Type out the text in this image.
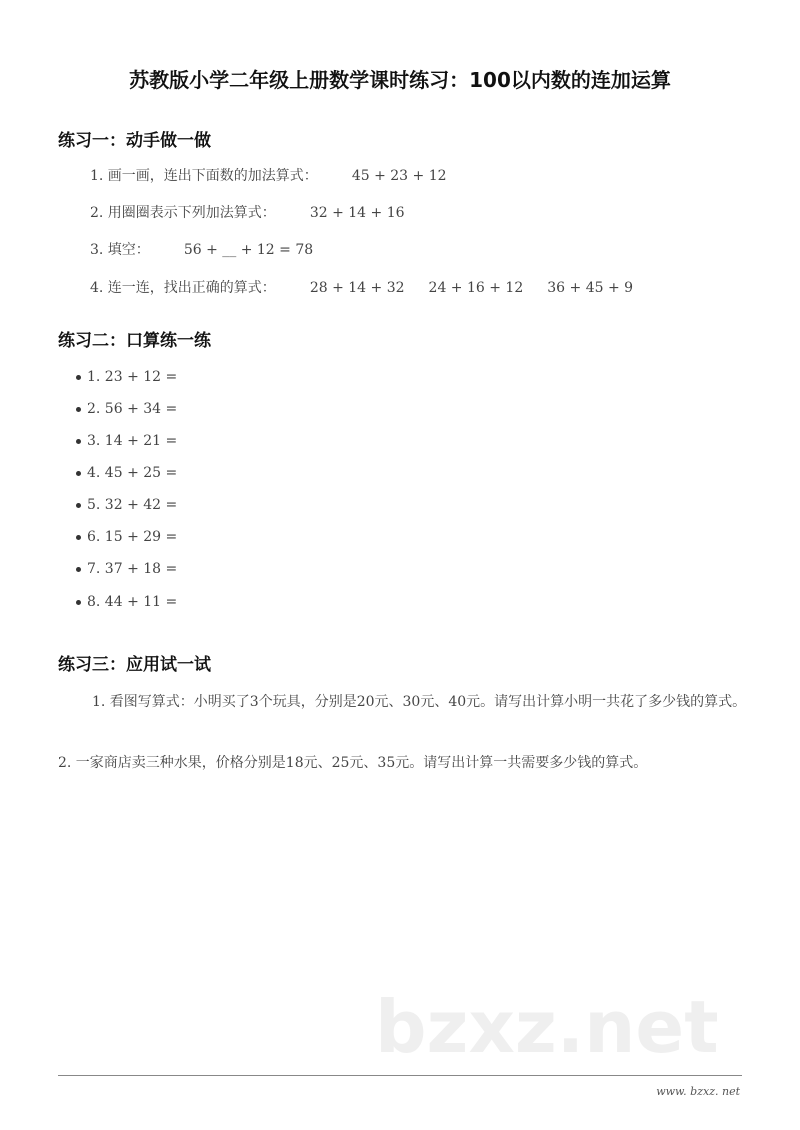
苏教版小学二年级上册数学课时练习：100以内数的连加运算
练习一：动手做一做
1. 画一画，连出下面数的加法算式： 45 + 23 + 12
2. 用圈圈表示下列加法算式： 32 + 14 + 16
3. 填空： 56 + __ + 12 = 78
4. 连一连，找出正确的算式： 28 + 14 + 32 24 + 16 + 12 36 + 45 + 9
练习二：口算练一练
1. 23 + 12 =
2. 56 + 34 =
3. 14 + 21 =
4. 45 + 25 =
5. 32 + 42 =
6. 15 + 29 =
7. 37 + 18 =
8. 44 + 11 =
练习三：应用试一试
1. 看图写算式：小明买了3个玩具，分别是20元、30元、40元。请写出计算小明一共花了多少钱的算式。
2. 一家商店卖三种水果，价格分别是18元、25元、35元。请写出计算一共需要多少钱的算式。
bzxz.net
www. bzxz. net
